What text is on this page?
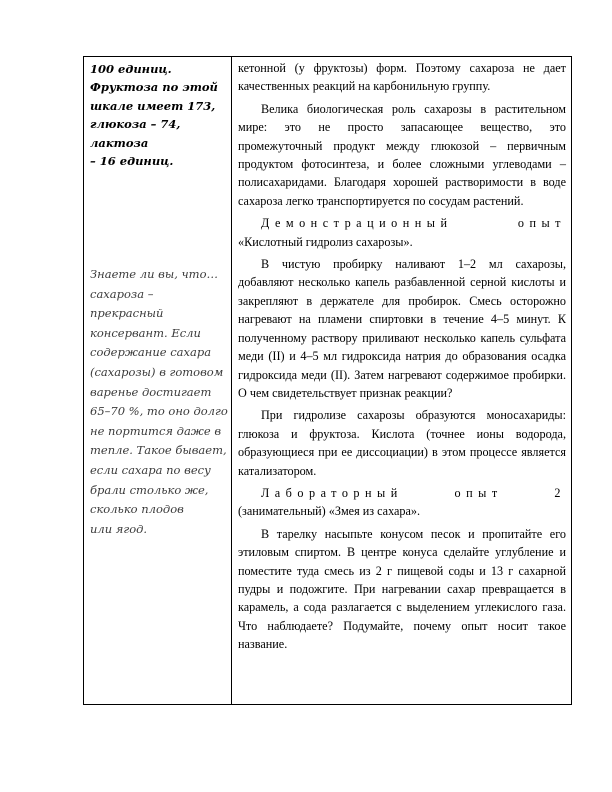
100 единиц.
Фруктоза по этой
шкале имеет 173,
глюкоза – 74, лактоза
– 16 единиц.

Знаете ли вы, что…
сахароза – прекрасный
консервант. Если
содержание сахара
(сахарозы) в готовом
варенье достигает
65–70 %, то оно долго
не портится даже в
тепле. Такое бывает,
если сахара по весу
брали столько же,
сколько плодов
или ягод.

кетонной (у фруктозы) форм. Поэтому сахароза не дает качественных реакций на карбонильную группу.

Велика биологическая роль сахарозы в растительном мире: это не просто запасающее вещество, это промежуточный продукт между глюкозой – первичным продуктом фотосинтеза, и более сложными углеводами – полисахаридами. Благодаря хорошей растворимости в воде сахароза легко транспортируется по сосудам растений.

Демонстрационный опыт «Кислотный гидролиз сахарозы».

В чистую пробирку наливают 1–2 мл сахарозы, добавляют несколько капель разбавленной серной кислоты и закрепляют в держателе для пробирок. Смесь осторожно нагревают на пламени спиртовки в течение 4–5 минут. К полученному раствору приливают несколько капель сульфата меди (II) и 4–5 мл гидроксида натрия до образования осадка гидроксида меди (II). Затем нагревают содержимое пробирки. О чем свидетельствует признак реакции?

При гидролизе сахарозы образуются моносахариды: глюкоза и фруктоза. Кислота (точнее ионы водорода, образующиеся при ее диссоциации) в этом процессе является катализатором.

Лабораторный опыт 2 (занимательный) «Змея из сахара».

В тарелку насыпьте конусом песок и пропитайте его этиловым спиртом. В центре конуса сделайте углубление и поместите туда смесь из 2 г пищевой соды и 13 г сахарной пудры и подожгите. При нагревании сахар превращается в карамель, а сода разлагается с выделением углекислого газа. Что наблюдаете? Подумайте, почему опыт носит такое название.
